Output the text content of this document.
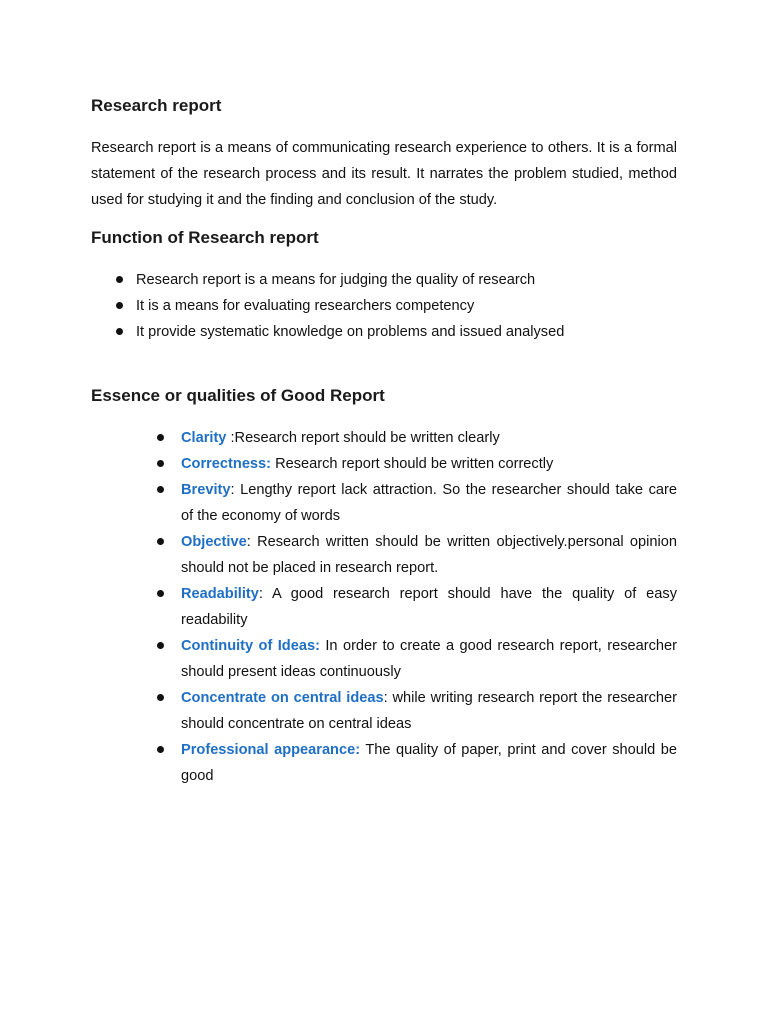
Research report

Research report is a means of communicating research experience to others. It is a formal statement of the research process and its result. It narrates the problem studied, method used for studying it and the finding and conclusion of the study.

Function of Research report
Research report is a means for judging the quality of research
It is a means for evaluating researchers competency
It provide systematic knowledge on problems and issued analysed
Essence or qualities of Good Report
Clarity :Research report should be written clearly
Correctness: Research report should be written correctly
Brevity: Lengthy report lack attraction. So the researcher should take care of the economy of words
Objective: Research written should be written objectively.personal opinion should not be placed in research report.
Readability: A good research report should have the quality of easy readability
Continuity of Ideas: In order to create a good research report, researcher should present ideas continuously
Concentrate on central ideas: while writing research report the researcher should concentrate on central ideas
Professional appearance: The quality of paper, print and cover should be good
